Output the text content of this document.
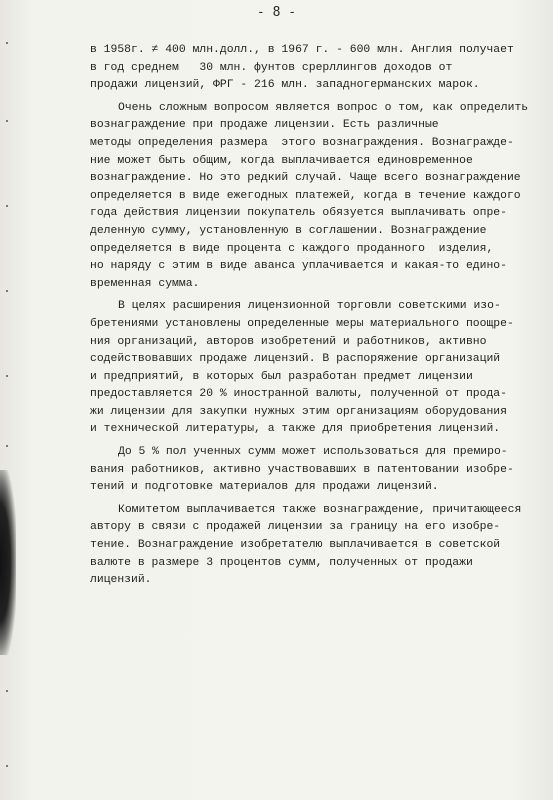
- 8 -

в 1958г. ≠ 400 млн.долл., в 1967 г. - 600 млн. Англия получает
в год среднем   30 млн. фунтов срерллингов доходов от
продажи лицензий, ФРГ - 216 млн. западногерманских марок.

Очень сложным вопросом является вопрос о том, как определить
вознаграждение при продаже лицензии. Есть различные
методы определения размера  этого вознаграждения. Вознагражде-
ние может быть общим, когда выплачивается единовременное
вознаграждение. Но это редкий случай. Чаще всего вознаграждение
определяется в виде ежегодных платежей, когда в течение каждого
года действия лицензии покупатель обязуется выплачивать опре-
деленную сумму, установленную в соглашении. Вознаграждение
определяется в виде процента с каждого проданного  изделия,
но наряду с этим в виде аванса уплачивается и какая-то едино-
временная сумма.

В целях расширения лицензионной торговли советскими изо-
бретениями установлены определенные меры материального поощре-
ния организаций, авторов изобретений и работников, активно
содействовавших продаже лицензий. В распоряжение организаций
и предприятий, в которых был разработан предмет лицензии
предоставляется 20 % иностранной валюты, полученной от прода-
жи лицензии для закупки нужных этим организациям оборудования
и технической литературы, а также для приобретения лицензий.

До 5 % пол ученных сумм может использоваться для премиро-
вания работников, активно участвовавших в патентовании изобре-
тений и подготовке материалов для продажи лицензий.

Комитетом выплачивается также вознаграждение, причитающееся
автору в связи с продажей лицензии за границу на его изобре-
тение. Вознаграждение изобретателю выплачивается в советской
валюте в размере 3 процентов сумм, полученных от продажи
лицензий.
